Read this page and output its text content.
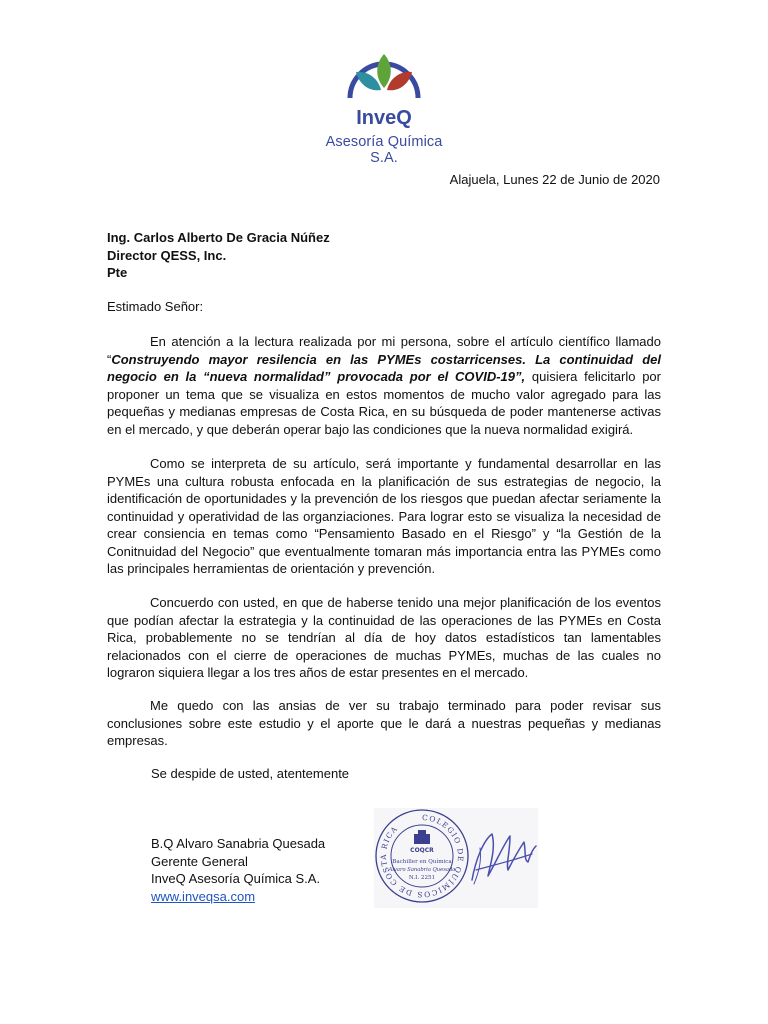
InveQ
Asesoría Química S.A.
Alajuela, Lunes 22 de Junio de 2020
Ing. Carlos Alberto De Gracia Núñez
Director QESS, Inc.
Pte
Estimado Señor:

En atención a la lectura realizada por mi persona, sobre el artículo científico llamado “Construyendo mayor resilencia en las PYMEs costarricenses. La continuidad del negocio en la “nueva normalidad” provocada por el COVID-19”, quisiera felicitarlo por proponer un tema que se visualiza en estos momentos de mucho valor agregado para las pequeñas y medianas empresas de Costa Rica, en su búsqueda de poder mantenerse activas en el mercado, y que deberán operar bajo las condiciones que la nueva normalidad exigirá.

Como se interpreta de su artículo, será importante y fundamental desarrollar en las PYMEs una cultura robusta enfocada en la planificación de sus estrategias de negocio, la identificación de oportunidades y la prevención de los riesgos que puedan afectar seriamente la continuidad y operatividad de las organziaciones. Para lograr esto se visualiza la necesidad de crear consiencia en temas como “Pensamiento Basado en el Riesgo” y “la Gestión de la Conitnuidad del Negocio” que eventualmente tomaran más importancia entra las PYMEs como las principales herramientas de orientación y prevención.

Concuerdo con usted, en que de haberse tenido una mejor planificación de los eventos que podían afectar la estrategia y la continuidad de las operaciones de las PYMEs en Costa Rica, probablemente no se tendrían al día de hoy datos estadísticos tan lamentables relacionados con el cierre de operaciones de muchas PYMEs, muchas de las cuales no lograron siquiera llegar a los tres años de estar presentes en el mercado.

Me quedo con las ansias de ver su trabajo terminado para poder revisar sus conclusiones sobre este estudio y el aporte que le dará a nuestras pequeñas y medianas empresas.

Se despide de usted, atentemente
COLEGIO DE QUÍMICOS DE COSTA RICA
COQCR
Bachiller en Química
Alvaro Sanabria Quesada
N.I. 2251
B.Q Alvaro Sanabria Quesada
Gerente General
InveQ Asesoría Química S.A.
www.inveqsa.com
